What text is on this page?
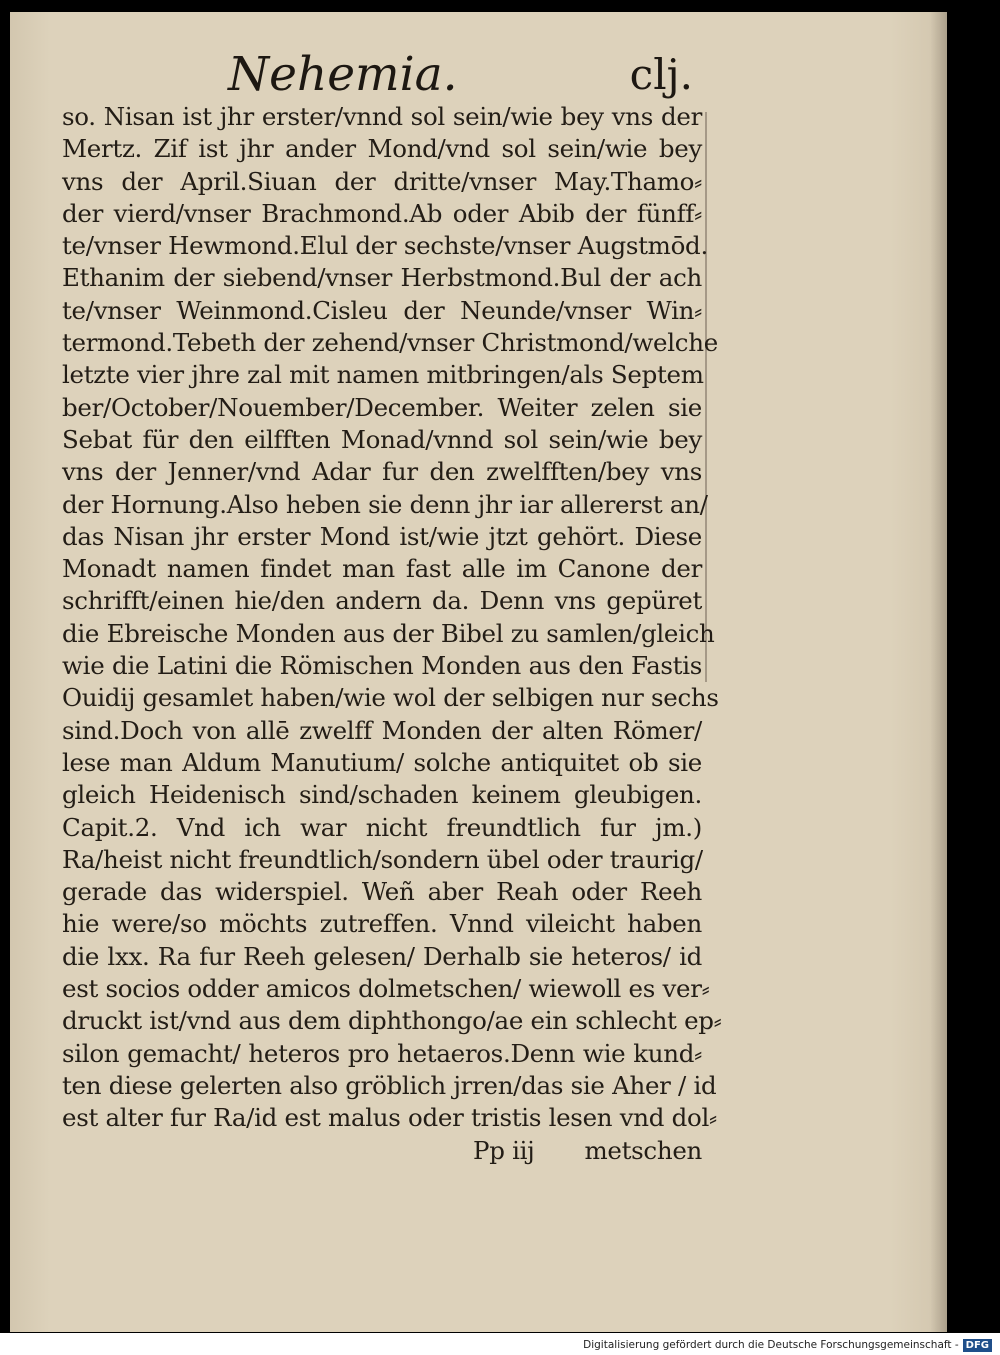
Nehemia.	clj.
so. Nisan ist jhr erster/vnnd sol sein/wie bey vns der
Mertz. Zif ist jhr ander Mond/vnd sol sein/wie bey
vns der April.Siuan der dritte/vnser May.Thamo⸗
der vierd/vnser Brachmond.Ab oder Abib der fünff⸗
te/vnser Hewmond.Elul der sechste/vnser Augstmōd.
Ethanim der siebend/vnser Herbstmond.Bul der ach
te/vnser Weinmond.Cisleu der Neunde/vnser Win⸗
termond.Tebeth der zehend/vnser Christmond/welche
letzte vier jhre zal mit namen mitbringen/als Septem
ber/October/Nouember/December. Weiter zelen sie
Sebat für den eilfften Monad/vnnd sol sein/wie bey
vns der Jenner/vnd Adar fur den zwelfften/bey vns
der Hornung.Also heben sie denn jhr iar allererst an/
das Nisan jhr erster Mond ist/wie jtzt gehört. Diese
Monadt namen findet man fast alle im Canone der
schrifft/einen hie/den andern da. Denn vns gepüret
die Ebreische Monden aus der Bibel zu samlen/gleich
wie die Latini die Römischen Monden aus den Fastis
Ouidij gesamlet haben/wie wol der selbigen nur sechs
sind.Doch von allē zwelff Monden der alten Römer/
lese man Aldum Manutium/ solche antiquitet ob sie
gleich Heidenisch sind/schaden keinem gleubigen.
Capit.2. Vnd ich war nicht freundtlich fur jm.)
Ra/heist nicht freundtlich/sondern übel oder traurig/
gerade das widerspiel. Weñ aber Reah oder Reeh
hie were/so möchts zutreffen. Vnnd vileicht haben
die lxx. Ra fur Reeh gelesen/ Derhalb sie heteros/ id
est socios odder amicos dolmetschen/ wiewoll es ver⸗
druckt ist/vnd aus dem diphthongo/ae ein schlecht ep⸗
silon gemacht/ heteros pro hetaeros.Denn wie kund⸗
ten diese gelerten also gröblich jrren/das sie Aher / id
est alter fur Ra/id est malus oder tristis lesen vnd dol⸗
Pp iij metschen
Digitalisierung gefördert durch die Deutsche Forschungsgemeinschaft - DFG
